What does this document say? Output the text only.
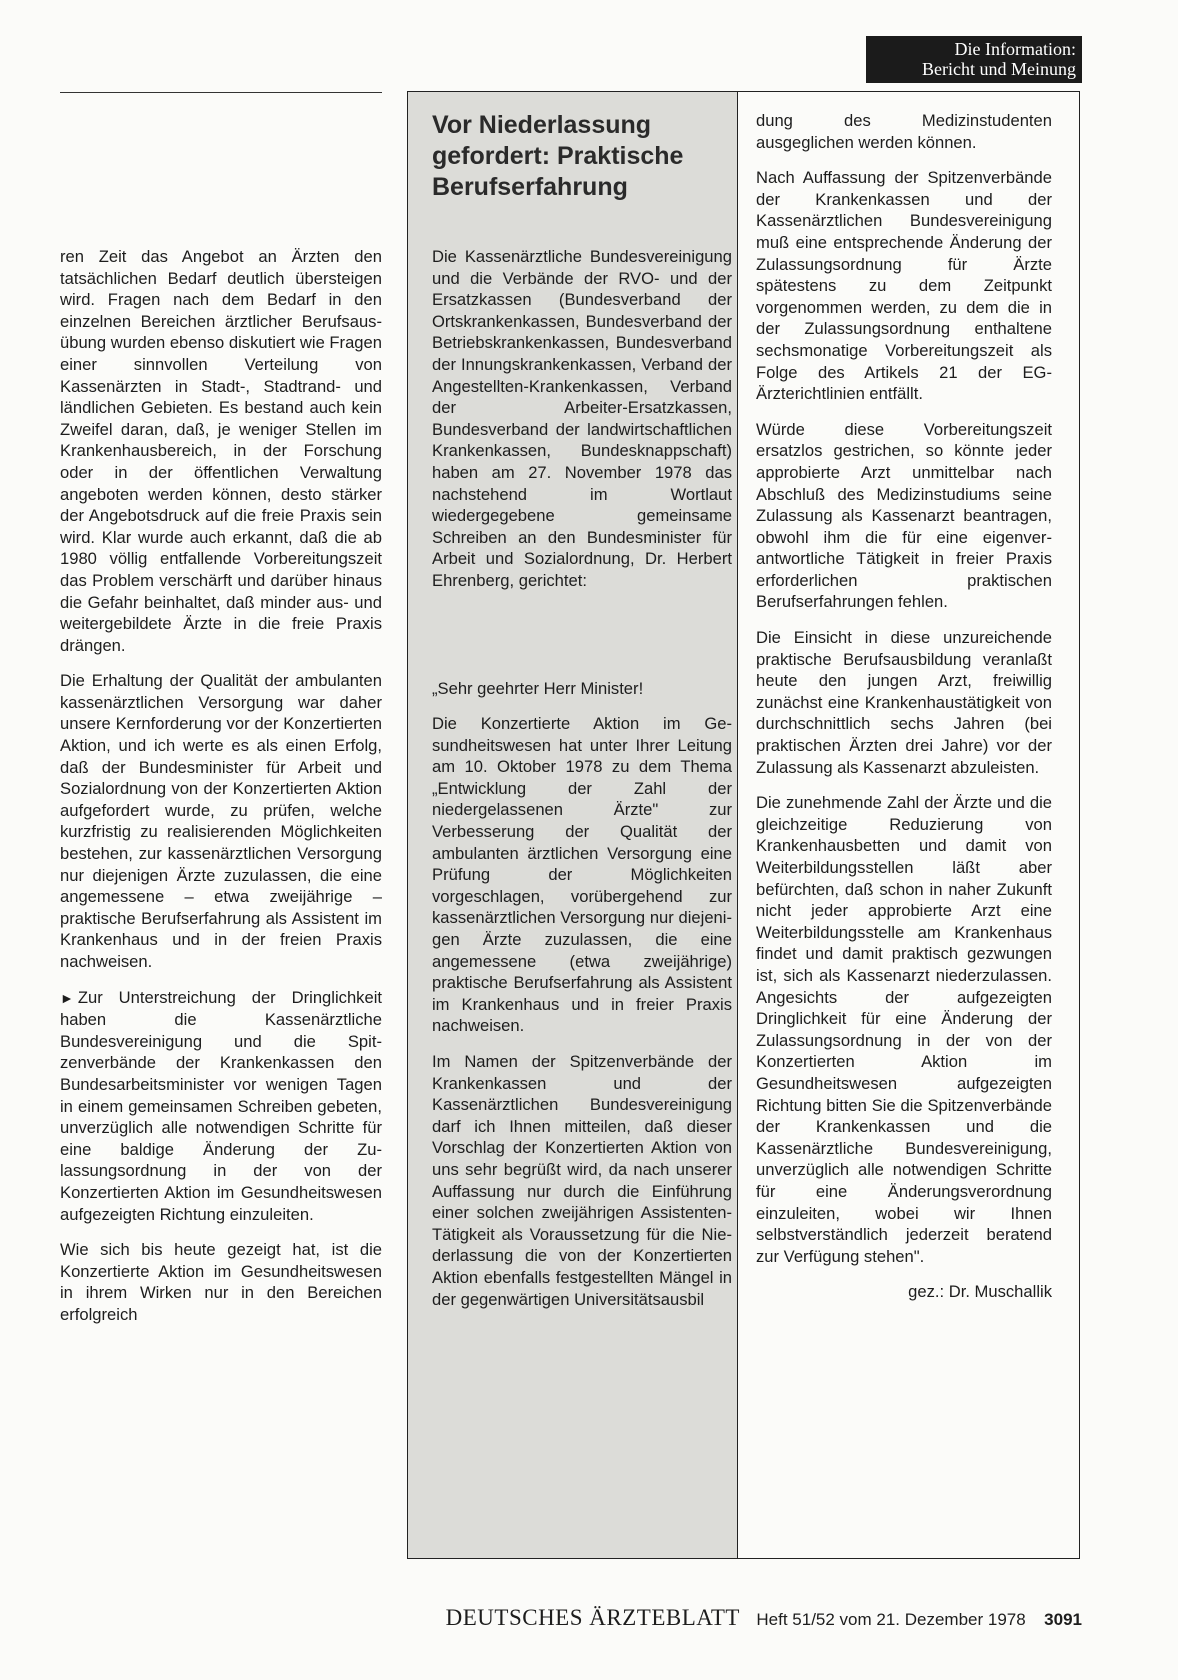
Die Information:
Bericht und Meinung

ren Zeit das Angebot an Ärzten den tatsächlichen Bedarf deutlich übersteigen wird. Fragen nach dem Bedarf in den einzelnen Bereichen ärztlicher Berufsausübung wurden ebenso diskutiert wie Fragen einer sinnvollen Verteilung von Kassenärzten in Stadt-, Stadtrand- und ländlichen Gebieten. Es bestand auch kein Zweifel daran, daß, je weniger Stellen im Krankenhausbereich, in der Forschung oder in der öffentlichen Verwaltung angeboten werden können, desto stärker der Angebotsdruck auf die freie Praxis sein wird. Klar wurde auch erkannt, daß die ab 1980 völlig entfallende Vorbereitungszeit das Problem verschärft und darüber hinaus die Gefahr beinhaltet, daß minder aus- und weitergebildete Ärzte in die freie Praxis drängen.

Die Erhaltung der Qualität der ambulanten kassenärztlichen Versorgung war daher unsere Kernforderung vor der Konzertierten Aktion, und ich werte es als einen Erfolg, daß der Bundesminister für Arbeit und Sozialordnung von der Konzertierten Aktion aufgefordert wurde, zu prüfen, welche kurzfristig zu realisierenden Möglichkeiten bestehen, zur kassenärztlichen Versorgung nur diejenigen Ärzte zuzulassen, die eine angemessene – etwa zweijährige – praktische Berufserfahrung als Assistent im Krankenhaus und in der freien Praxis nachweisen.

► Zur Unterstreichung der Dringlichkeit haben die Kassenärztliche Bundesvereinigung und die Spitzenverbände der Krankenkassen den Bundesarbeitsminister vor wenigen Tagen in einem gemeinsamen Schreiben gebeten, unverzüglich alle notwendigen Schritte für eine baldige Änderung der Zulassungsordnung in der von der Konzertierten Aktion im Gesundheitswesen aufgezeigten Richtung einzuleiten.

Wie sich bis heute gezeigt hat, ist die Konzertierte Aktion im Gesundheitswesen in ihrem Wirken nur in den Bereichen erfolgreich

Vor Niederlassung gefordert: Praktische Berufserfahrung

Die Kassenärztliche Bundesvereinigung und die Verbände der RVO- und der Ersatzkassen (Bundesverband der Ortskrankenkassen, Bundesverband der Betriebskrankenkassen, Bundesverband der Innungskrankenkassen, Verband der Angestellten-Krankenkassen, Verband der Arbeiter-Ersatzkassen, Bundesverband der landwirtschaftlichen Krankenkassen, Bundesknappschaft) haben am 27. November 1978 das nachstehend im Wortlaut wiedergegebene gemeinsame Schreiben an den Bundesminister für Arbeit und Sozialordnung, Dr. Herbert Ehrenberg, gerichtet:

„Sehr geehrter Herr Minister!

Die Konzertierte Aktion im Gesundheitswesen hat unter Ihrer Leitung am 10. Oktober 1978 zu dem Thema „Entwicklung der Zahl der niedergelassenen Ärzte" zur Verbesserung der Qualität der ambulanten ärztlichen Versorgung eine Prüfung der Möglichkeiten vorgeschlagen, vorübergehend zur kassenärztlichen Versorgung nur diejenigen Ärzte zuzulassen, die eine angemessene (etwa zweijährige) praktische Berufserfahrung als Assistent im Krankenhaus und in freier Praxis nachweisen.

Im Namen der Spitzenverbände der Krankenkassen und der Kassenärztlichen Bundesvereinigung darf ich Ihnen mitteilen, daß dieser Vorschlag der Konzertierten Aktion von uns sehr begrüßt wird, da nach unserer Auffassung nur durch die Einführung einer solchen zweijährigen Assistenten-Tätigkeit als Voraussetzung für die Niederlassung die von der Konzertierten Aktion ebenfalls festgestellten Mängel in der gegenwärtigen Universitätsausbil

dung des Medizinstudenten ausgeglichen werden können.

Nach Auffassung der Spitzenverbände der Krankenkassen und der Kassenärztlichen Bundesvereinigung muß eine entsprechende Änderung der Zulassungsordnung für Ärzte spätestens zu dem Zeitpunkt vorgenommen werden, zu dem die in der Zulassungsordnung enthaltene sechsmonatige Vorbereitungszeit als Folge des Artikels 21 der EG-Ärzterichtlinien entfällt.

Würde diese Vorbereitungszeit ersatzlos gestrichen, so könnte jeder approbierte Arzt unmittelbar nach Abschluß des Medizinstudiums seine Zulassung als Kassenarzt beantragen, obwohl ihm die für eine eigenverantwortliche Tätigkeit in freier Praxis erforderlichen praktischen Berufserfahrungen fehlen.

Die Einsicht in diese unzureichende praktische Berufsausbildung veranlaßt heute den jungen Arzt, freiwillig zunächst eine Krankenhaustätigkeit von durchschnittlich sechs Jahren (bei praktischen Ärzten drei Jahre) vor der Zulassung als Kassenarzt abzuleisten.

Die zunehmende Zahl der Ärzte und die gleichzeitige Reduzierung von Krankenhausbetten und damit von Weiterbildungsstellen läßt aber befürchten, daß schon in naher Zukunft nicht jeder approbierte Arzt eine Weiterbildungsstelle am Krankenhaus findet und damit praktisch gezwungen ist, sich als Kassenarzt niederzulassen. Angesichts der aufgezeigten Dringlichkeit für eine Änderung der Zulassungsordnung in der von der Konzertierten Aktion im Gesundheitswesen aufgezeigten Richtung bitten Sie die Spitzenverbände der Krankenkassen und die Kassenärztliche Bundesvereinigung, unverzüglich alle notwendigen Schritte für eine Änderungsverordnung einzuleiten, wobei wir Ihnen selbstverständlich jederzeit beratend zur Verfügung stehen".

gez.: Dr. Muschallik

DEUTSCHES ÄRZTEBLATT Heft 51/52 vom 21. Dezember 1978 3091
